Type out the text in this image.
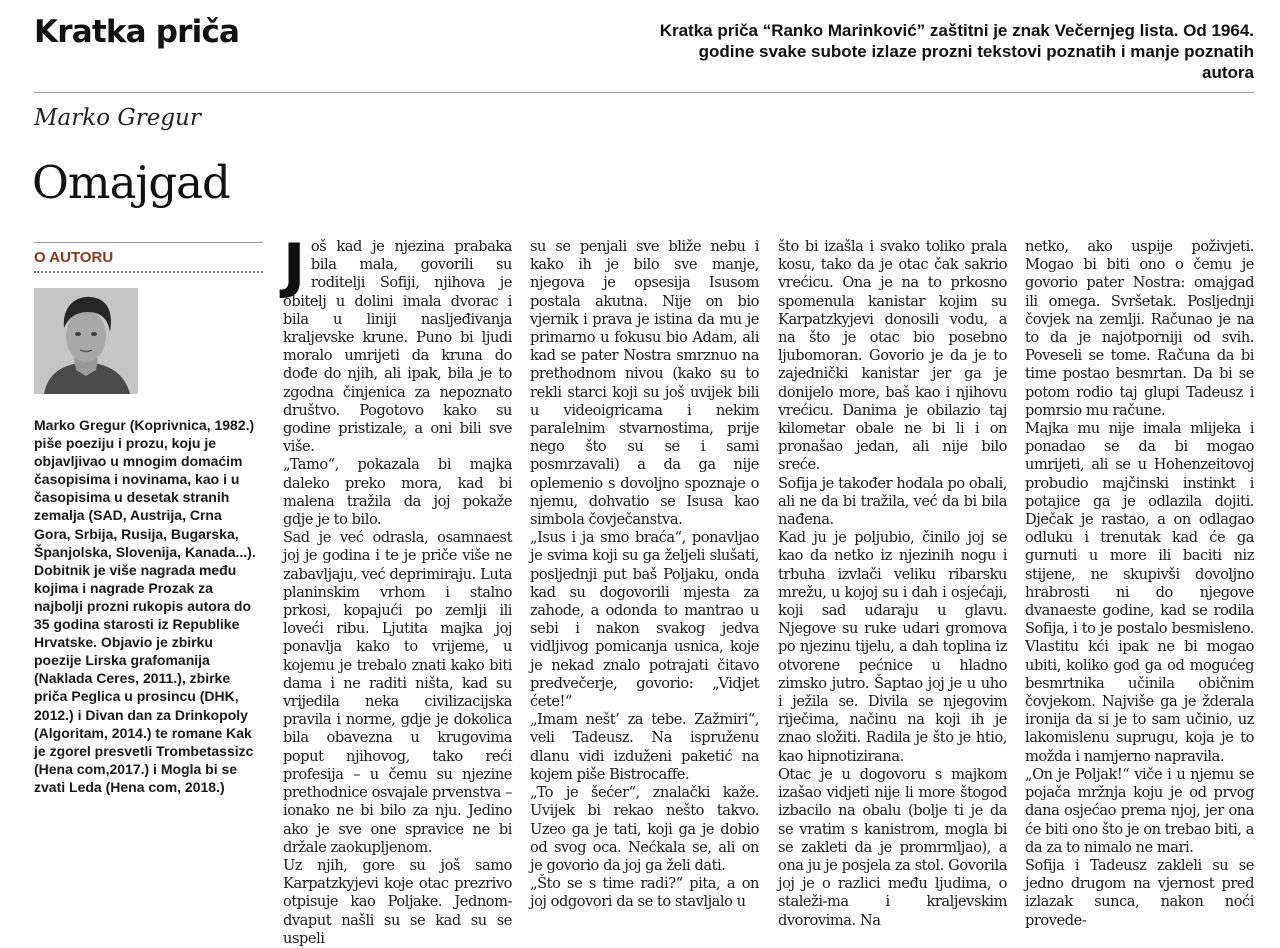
Kratka priča	Kratka priča “Ranko Marinković” zaštitni je znak Večernjeg lista. Od 1964. godine svake subote izlaze prozni tekstovi poznatih i manje poznatih autora
Marko Gregur
Omajgad
O AUTORU

Marko Gregur (Koprivnica, 1982.) piše poeziju i prozu, koju je objavljivao u mnogim domaćim časopisima i novinama, kao i u časopisima u desetak stranih zemalja (SAD, Austrija, Crna Gora, Srbija, Rusija, Bugarska, Španjolska, Slovenija, Kanada...). Dobitnik je više nagrada među kojima i nagrade Prozak za najbolji prozni rukopis autora do 35 godina starosti iz Republike Hrvatske. Objavio je zbirku poezije Lirska grafomanija (Naklada Ceres, 2011.), zbirke priča Peglica u prosincu (DHK, 2012.) i Divan dan za Drinkopoly (Algoritam, 2014.) te romane Kak je zgorel presvetli Trombetassizc (Hena com,2017.) i Mogla bi se zvati Leda (Hena com, 2018.)

J oš kad je njezina prabaka bila mala, govorili su roditelji Sofiji, njihova je obitelj u dolini imala dvorac i bila u liniji nasljeđivanja kraljevske krune. Puno bi ljudi moralo umrijeti da kruna do dođe do njih, ali ipak, bila je to zgodna činjenica za nepoznato društvo. Pogotovo kako su godine pristizale, a oni bili sve više.

„Tamo“, pokazala bi majka daleko preko mora, kad bi malena tražila da joj pokaže gdje je to bilo.

Sad je već odrasla, osamnaest joj je godina i te je priče više ne zabavljaju, već deprimiraju. Luta planinskim vrhom i stalno prkosi, kopajući po zemlji ili loveći ribu. Ljutita majka joj ponavlja kako to vrijeme, u kojemu je trebalo znati kako biti dama i ne raditi ništa, kad su vrijedila neka civilizacijska pravila i norme, gdje je dokolica bila obavezna u krugovima poput njihovog, tako reći profesija – u čemu su njezine prethodnice osvajale prvenstva – ionako ne bi bilo za nju. Jedino ako je sve one spravice ne bi držale zaokupljenom.

Uz njih, gore su još samo Karpatzkyjevi koje otac prezrivo otpisuje kao Poljake. Jednom-dvaput našli su se kad su se uspeli

su se penjali sve bliže nebu i kako ih je bilo sve manje, njegova je opsesija Isusom postala akutna. Nije on bio vjernik i prava je istina da mu je primarno u fokusu bio Adam, ali kad se pater Nostra smrznuo na prethodnom nivou (kako su to rekli starci koji su još uvijek bili u videoigricama i nekim paralelnim stvarnostima, prije nego što su se i sami posmrzavali) a da ga nije oplemenio s dovoljno spoznaje o njemu, dohvatio se Isusa kao simbola čovječanstva.

„Isus i ja smo braća“, ponavljao je svima koji su ga željeli slušati, posljednji put baš Poljaku, onda kad su dogovorili mjesta za zahode, a odonda to mantrao u sebi i nakon svakog jedva vidljivog pomicanja usnica, koje je nekad znalo potrajati čitavo predvečerje, govorio: „Vidjet ćete!“

„Imam nešt’ za tebe. Zažmiri“, veli Tadeusz. Na ispruženu dlanu vidi izduženi paketić na kojem piše Bistrocaffe.

„To je šećer“, znalački kaže. Uvijek bi rekao nešto takvo. Uzeo ga je tati, koji ga je dobio od svog oca. Nećkala se, ali on je govorio da joj ga želi dati.

„Što se s time radi?“ pita, a on joj odgovori da se to stavljalo u

što bi izašla i svako toliko prala kosu, tako da je otac čak sakrio vrećicu. Ona je na to prkosno spomenula kanistar kojim su Karpatzkyjevi donosili vodu, a na što je otac bio posebno ljubomoran. Govorio je da je to zajednički kanistar jer ga je donijelo more, baš kao i njihovu vrećicu. Danima je obilazio taj kilometar obale ne bi li i on pronašao jedan, ali nije bilo sreće.

Sofija je također hodala po obali, ali ne da bi tražila, već da bi bila nađena.

Kad ju je poljubio, činilo joj se kao da netko iz njezinih nogu i trbuha izvlači veliku ribarsku mrežu, u kojoj su i dah i osjećaji, koji sad udaraju u glavu. Njegove su ruke udari gromova po njezinu tijelu, a dah toplina iz otvorene pećnice u hladno zimsko jutro. Šaptao joj je u uho i ježila se. Divila se njegovim riječima, načinu na koji ih je znao složiti. Radila je što je htio, kao hipnotizirana.

Otac je u dogovoru s majkom izašao vidjeti nije li more štogod izbacilo na obalu (bolje ti je da se vratim s kanistrom, mogla bi se zakleti da je promrmljao), a ona ju je posjela za stol. Govorila joj je o razlici među ljudima, o staleži-ma i kraljevskim dvorovima. Na

netko, ako uspije poživjeti. Mogao bi biti ono o čemu je govorio pater Nostra: omajgad ili omega. Svršetak. Posljednji čovjek na zemlji. Računao je na to da je najotporniji od svih. Poveseli se tome. Računa da bi time postao besmrtan. Da bi se potom rodio taj glupi Tadeusz i pomrsio mu račune.

Majka mu nije imala mlijeka i ponadao se da bi mogao umrijeti, ali se u Hohenzeitovoj probudio majčinski instinkt i potajice ga je odlazila dojiti. Dječak je rastao, a on odlagao odluku i trenutak kad će ga gurnuti u more ili baciti niz stijene, ne skupivši dovoljno hrabrosti ni do njegove dvanaeste godine, kad se rodila Sofija, i to je postalo besmisleno. Vlastitu kći ipak ne bi mogao ubiti, koliko god ga od mogućeg besmrtnika učinila običnim čovjekom. Najviše ga je žderala ironija da si je to sam učinio, uz lakomislenu suprugu, koja je to možda i namjerno napravila.

„On je Poljak!“ viče i u njemu se pojača mržnja koju je od prvog dana osjećao prema njoj, jer ona će biti ono što je on trebao biti, a da za to nimalo ne mari.

Sofija i Tadeusz zakleli su se jedno drugom na vjernost pred izlazak sunca, nakon noći provede-
